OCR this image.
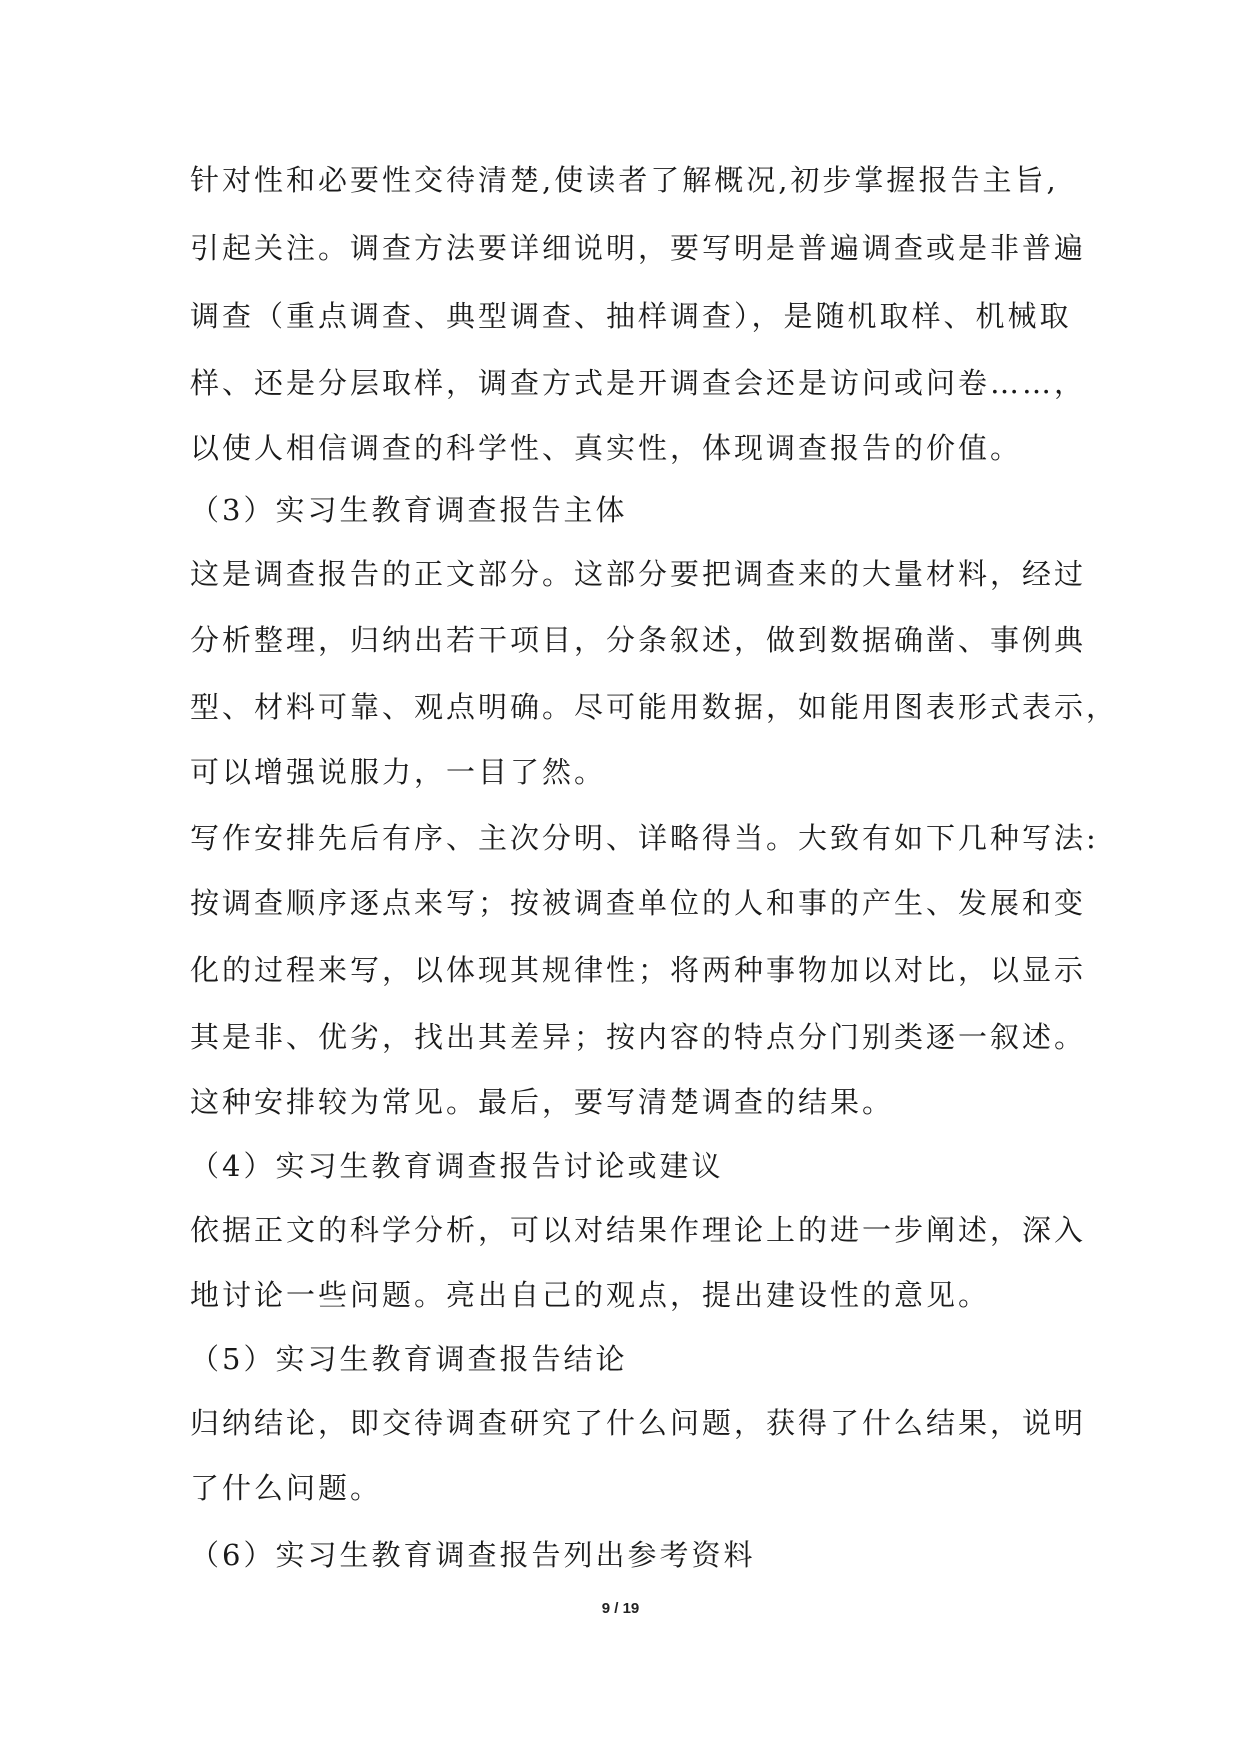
针对性和必要性交待清楚,使读者了解概况,初步掌握报告主旨,
引起关注。调查方法要详细说明，要写明是普遍调查或是非普遍
调查（重点调查、典型调查、抽样调查），是随机取样、机械取
样、还是分层取样，调查方式是开调查会还是访问或问卷……，
以使人相信调查的科学性、真实性，体现调查报告的价值。
（3）实习生教育调查报告主体
这是调查报告的正文部分。这部分要把调查来的大量材料，经过
分析整理，归纳出若干项目，分条叙述，做到数据确凿、事例典
型、材料可靠、观点明确。尽可能用数据，如能用图表形式表示，
可以增强说服力，一目了然。
写作安排先后有序、主次分明、详略得当。大致有如下几种写法:
按调查顺序逐点来写；按被调查单位的人和事的产生、发展和变
化的过程来写，以体现其规律性；将两种事物加以对比，以显示
其是非、优劣，找出其差异；按内容的特点分门别类逐一叙述。
这种安排较为常见。最后，要写清楚调查的结果。
（4）实习生教育调查报告讨论或建议
依据正文的科学分析，可以对结果作理论上的进一步阐述，深入
地讨论一些问题。亮出自己的观点，提出建设性的意见。
（5）实习生教育调查报告结论
归纳结论，即交待调查研究了什么问题，获得了什么结果，说明
了什么问题。
（6）实习生教育调查报告列出参考资料
9 / 19
